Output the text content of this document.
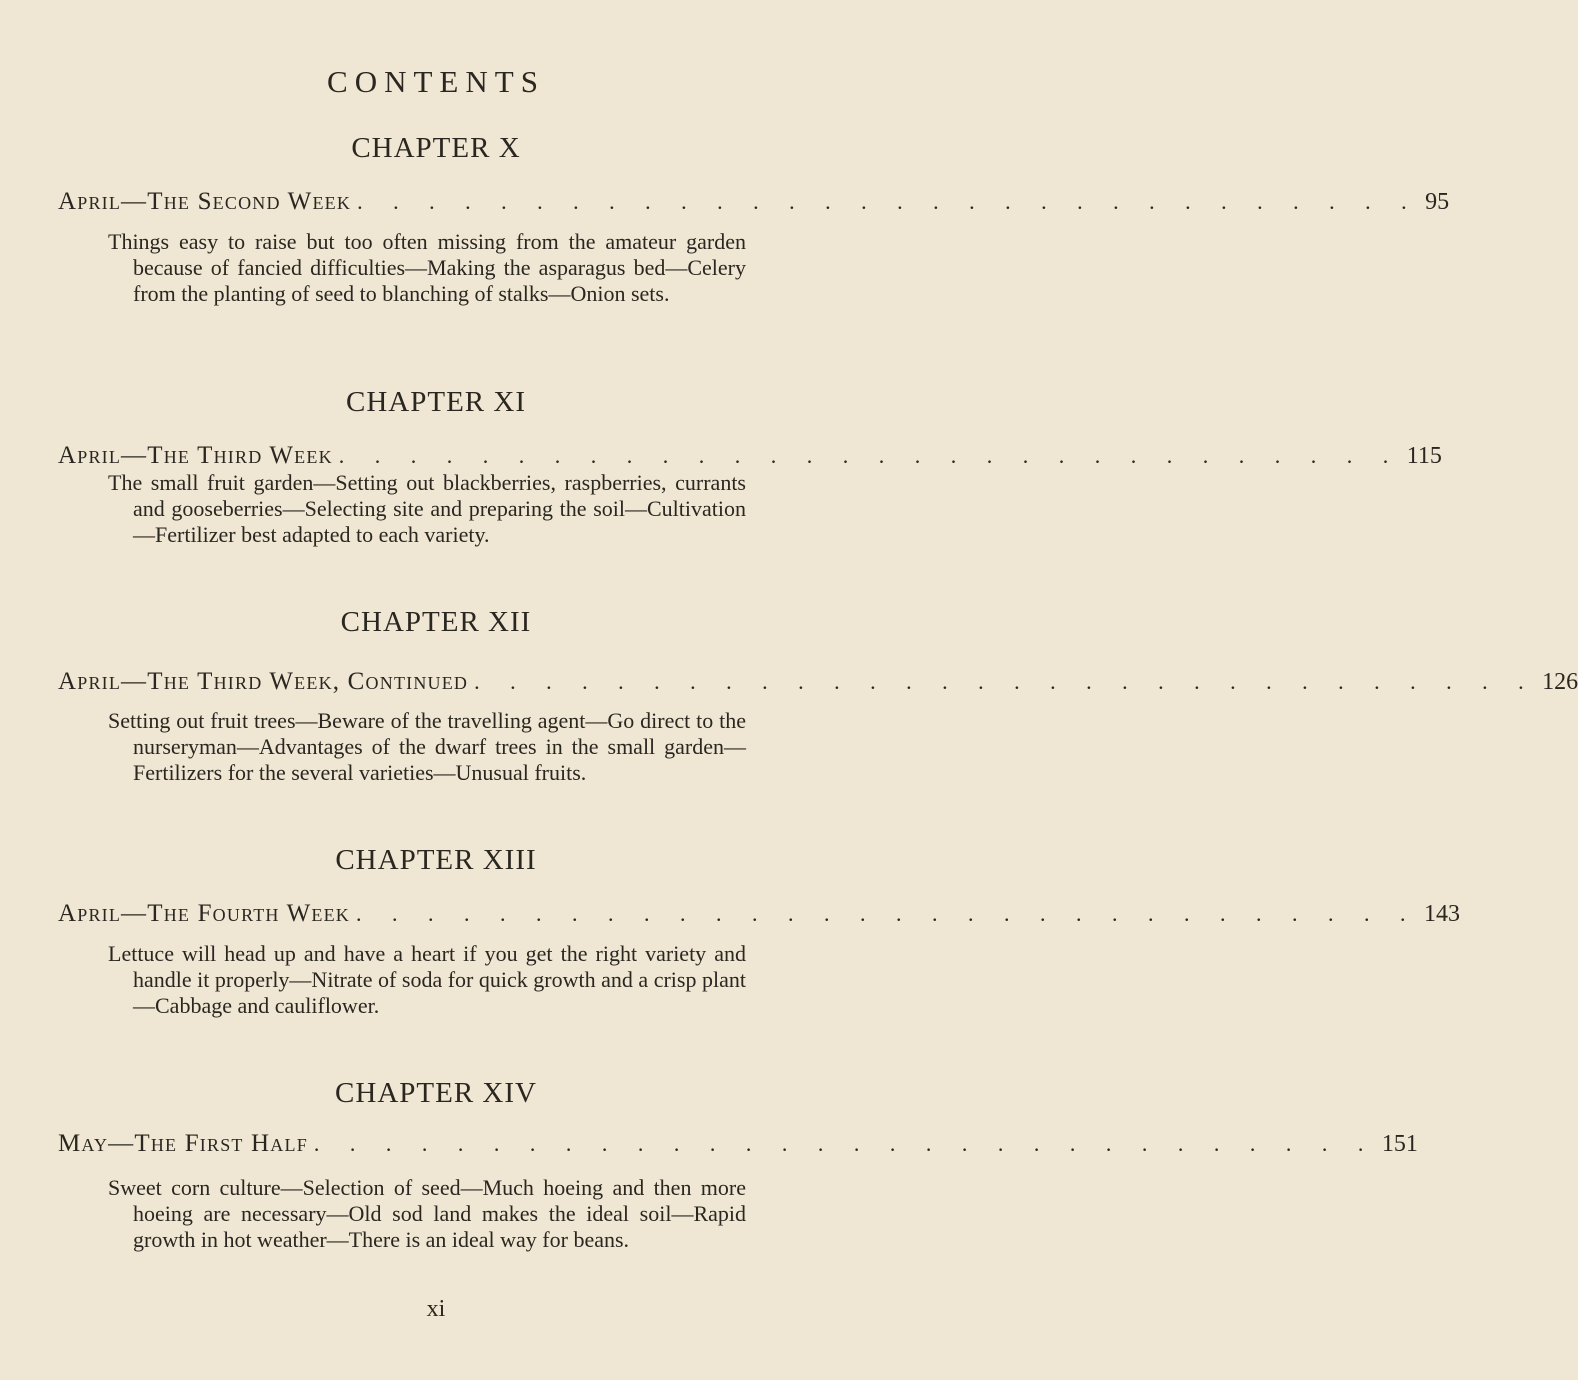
CONTENTS
CHAPTER X
April—The Second Week . . . . . . . . . . . . . . . . . . . . . . . . . . . . . . 95

Things easy to raise but too often missing from the amateur garden because of fancied difficulties—Making the asparagus bed—Celery from the planting of seed to blanching of stalks—Onion sets.

CHAPTER XI
April—The Third Week . . . . . . . . . . . . . . . . . . . . . . . . . . . . . . 115

The small fruit garden—Setting out blackberries, raspberries, currants and gooseberries—Selecting site and preparing the soil—Cultivation—Fertilizer best adapted to each variety.

CHAPTER XII
April—The Third Week, Continued . . . . . . . . . . . . . . . . . . . . . . . . . . . . . . 126

Setting out fruit trees—Beware of the travelling agent—Go direct to the nurseryman—Advantages of the dwarf trees in the small garden—Fertilizers for the several varieties—Unusual fruits.

CHAPTER XIII
April—The Fourth Week . . . . . . . . . . . . . . . . . . . . . . . . . . . . . . 143

Lettuce will head up and have a heart if you get the right variety and handle it properly—Nitrate of soda for quick growth and a crisp plant—Cabbage and cauliflower.

CHAPTER XIV
May—The First Half . . . . . . . . . . . . . . . . . . . . . . . . . . . . . . 151

Sweet corn culture—Selection of seed—Much hoeing and then more hoeing are necessary—Old sod land makes the ideal soil—Rapid growth in hot weather—There is an ideal way for beans.

xi
